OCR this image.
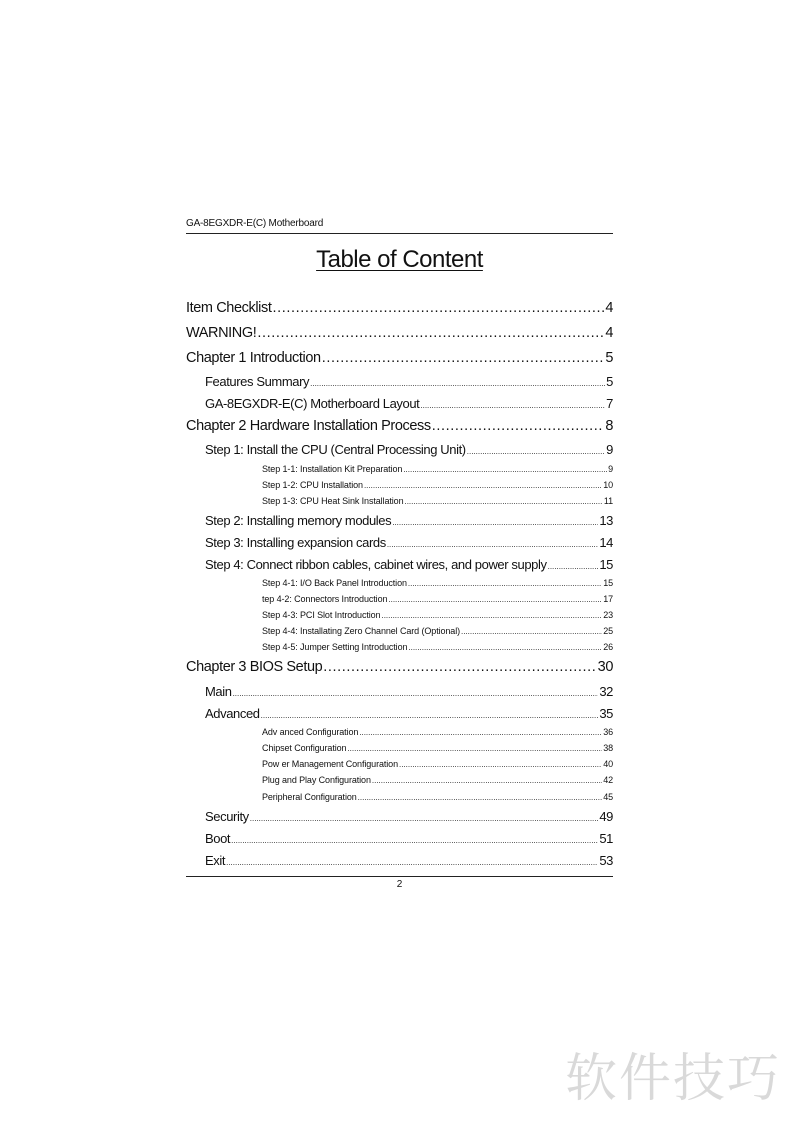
GA-8EGXDR-E(C) Motherboard
Table of Content
Item Checklist .....	4
WARNING! .....	4
Chapter 1 Introduction .....	5
Features Summary .....	5
GA-8EGXDR-E(C) Motherboard Layout .....	7
Chapter 2 Hardware Installation Process .....	8
Step 1: Install the CPU (Central Processing Unit) .....	9
Step 1-1: Installation Kit Preparation .....	9
Step 1-2: CPU Installation .....	10
Step 1-3: CPU Heat Sink Installation .....	11
Step 2: Installing memory modules .....	13
Step 3: Installing expansion cards .....	14
Step 4: Connect ribbon cables, cabinet wires, and power supply .....	15
Step 4-1: I/O Back Panel Introduction .....	15
tep 4-2: Connectors Introduction .....	17
Step 4-3: PCI Slot Introduction .....	23
Step 4-4: Installating Zero Channel Card (Optional) .....	25
Step 4-5: Jumper Setting Introduction .....	26
Chapter 3 BIOS Setup .....	30
Main .....	32
Advanced .....	35
Adv anced Configuration .....	36
Chipset Configuration .....	38
Pow er Management Configuration .....	40
Plug and Play Configuration .....	42
Peripheral Configuration .....	45
Security .....	49
Boot .....	51
Exit .....	53
2
软件技巧
